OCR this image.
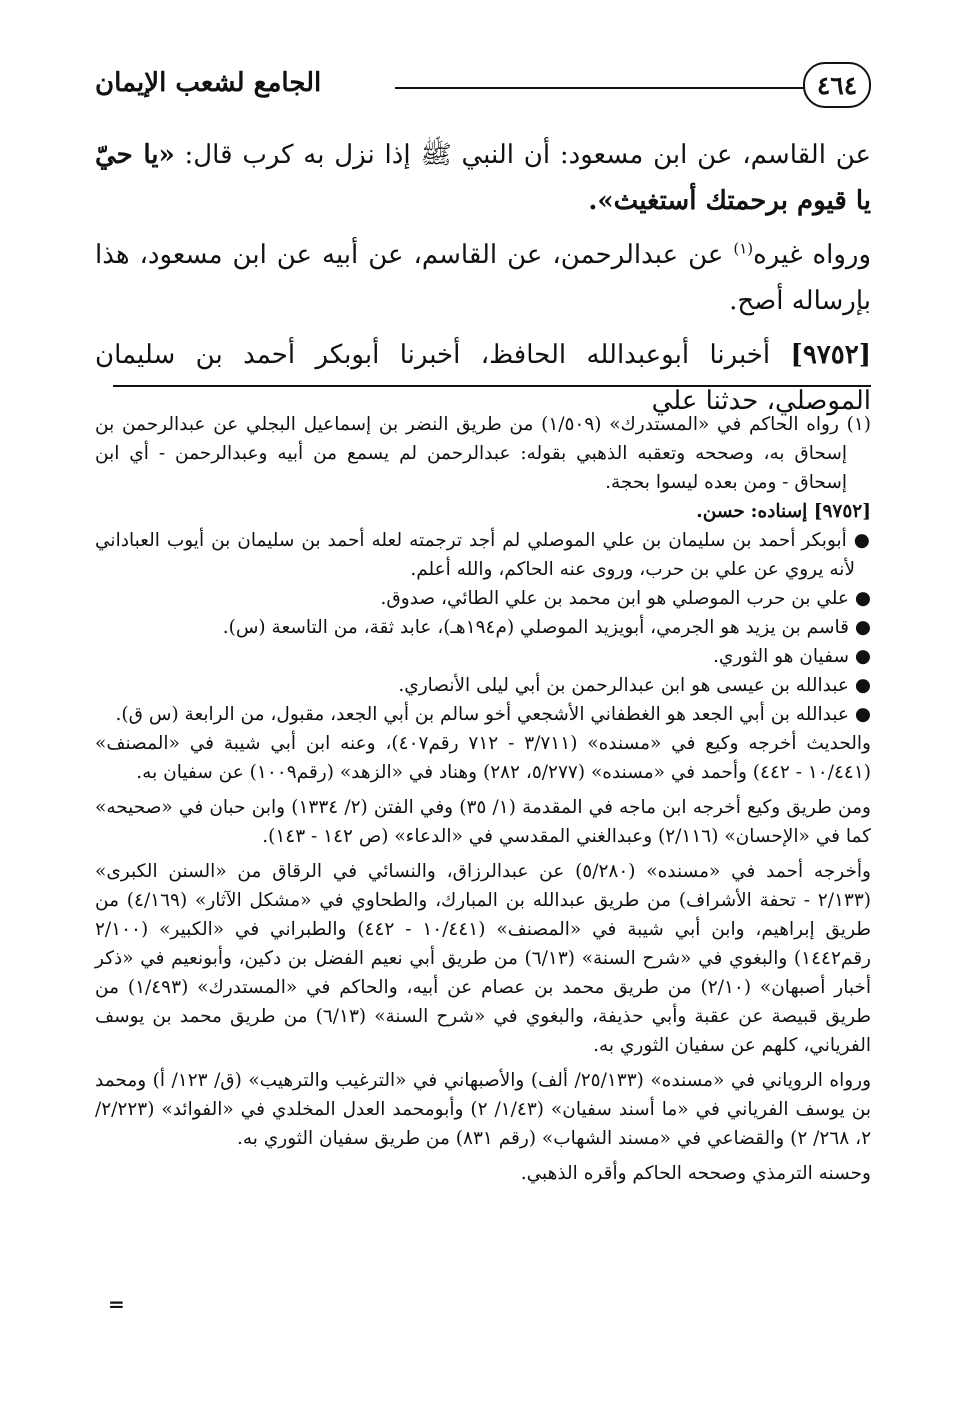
٤٦٤
الجامع لشعب الإيمان

عن القاسم، عن ابن مسعود: أن النبي ﷺ إذا نزل به كرب قال: «يا حيّ يا قيوم برحمتك أستغيث».

ورواه غيره$^{(١)}$ عن عبدالرحمن، عن القاسم، عن أبيه عن ابن مسعود، هذا بإرساله أصح.

[٩٧٥٢] أخبرنا أبوعبدالله الحافظ، أخبرنا أبوبكر أحمد بن سليمان الموصلي، حدثنا علي

(١) رواه الحاكم في «المستدرك» (١/٥٠٩) من طريق النضر بن إسماعيل البجلي عن عبدالرحمن بن إسحاق به، وصححه وتعقبه الذهبي بقوله: عبدالرحمن لم يسمع من أبيه وعبدالرحمن - أي ابن إسحاق - ومن بعده ليسوا بحجة.

[٩٧٥٢] إسناده: حسن.

● أبوبكر أحمد بن سليمان بن علي الموصلي لم أجد ترجمته لعله أحمد بن سليمان بن أيوب العباداني لأنه يروي عن علي بن حرب، وروى عنه الحاكم، والله أعلم.

● علي بن حرب الموصلي هو ابن محمد بن علي الطائي، صدوق.

● قاسم بن يزيد هو الجرمي، أبويزيد الموصلي (م١٩٤هـ)، عابد ثقة، من التاسعة (س).

● سفيان هو الثوري.

● عبدالله بن عيسى هو ابن عبدالرحمن بن أبي ليلى الأنصاري.

● عبدالله بن أبي الجعد هو الغطفاني الأشجعي أخو سالم بن أبي الجعد، مقبول، من الرابعة (س ق).

والحديث أخرجه وكيع في «مسنده» (٣/٧١١ - ٧١٢ رقم٤٠٧)، وعنه ابن أبي شيبة في «المصنف» (١٠/٤٤١ - ٤٤٢) وأحمد في «مسنده» (٥/٢٧٧، ٢٨٢) وهناد في «الزهد» (رقم١٠٠٩) عن سفيان به.

ومن طريق وكيع أخرجه ابن ماجه في المقدمة (١/ ٣٥) وفي الفتن (٢/ ١٣٣٤) وابن حبان في «صحيحه» كما في «الإحسان» (٢/١١٦) وعبدالغني المقدسي في «الدعاء» (ص ١٤٢ - ١٤٣).

وأخرجه أحمد في «مسنده» (٥/٢٨٠) عن عبدالرزاق، والنسائي في الرقاق من «السنن الكبرى» (٢/١٣٣ - تحفة الأشراف) من طريق عبدالله بن المبارك، والطحاوي في «مشكل الآثار» (٤/١٦٩) من طريق إبراهيم، وابن أبي شيبة في «المصنف» (١٠/٤٤١ - ٤٤٢) والطبراني في «الكبير» (٢/١٠٠ رقم١٤٤٢) والبغوي في «شرح السنة» (٦/١٣) من طريق أبي نعيم الفضل بن دكين، وأبونعيم في «ذكر أخبار أصبهان» (٢/١٠) من طريق محمد بن عصام عن أبيه، والحاكم في «المستدرك» (١/٤٩٣) من طريق قبيصة عن عقبة وأبي حذيفة، والبغوي في «شرح السنة» (٦/١٣) من طريق محمد بن يوسف الفرياني، كلهم عن سفيان الثوري به.

ورواه الروياني في «مسنده» (٢٥/١٣٣/ ألف) والأصبهاني في «الترغيب والترهيب» (ق/ ١٢٣/ أ) ومحمد بن يوسف الفرياني في «ما أسند سفيان» (١/٤٣/ ٢) وأبومحمد العدل المخلدي في «الفوائد» (٢/٢٢٣/ ٢، ٢٦٨/ ٢) والقضاعي في «مسند الشهاب» (رقم ٨٣١) من طريق سفيان الثوري به.

وحسنه الترمذي وصححه الحاكم وأقره الذهبي.

=
